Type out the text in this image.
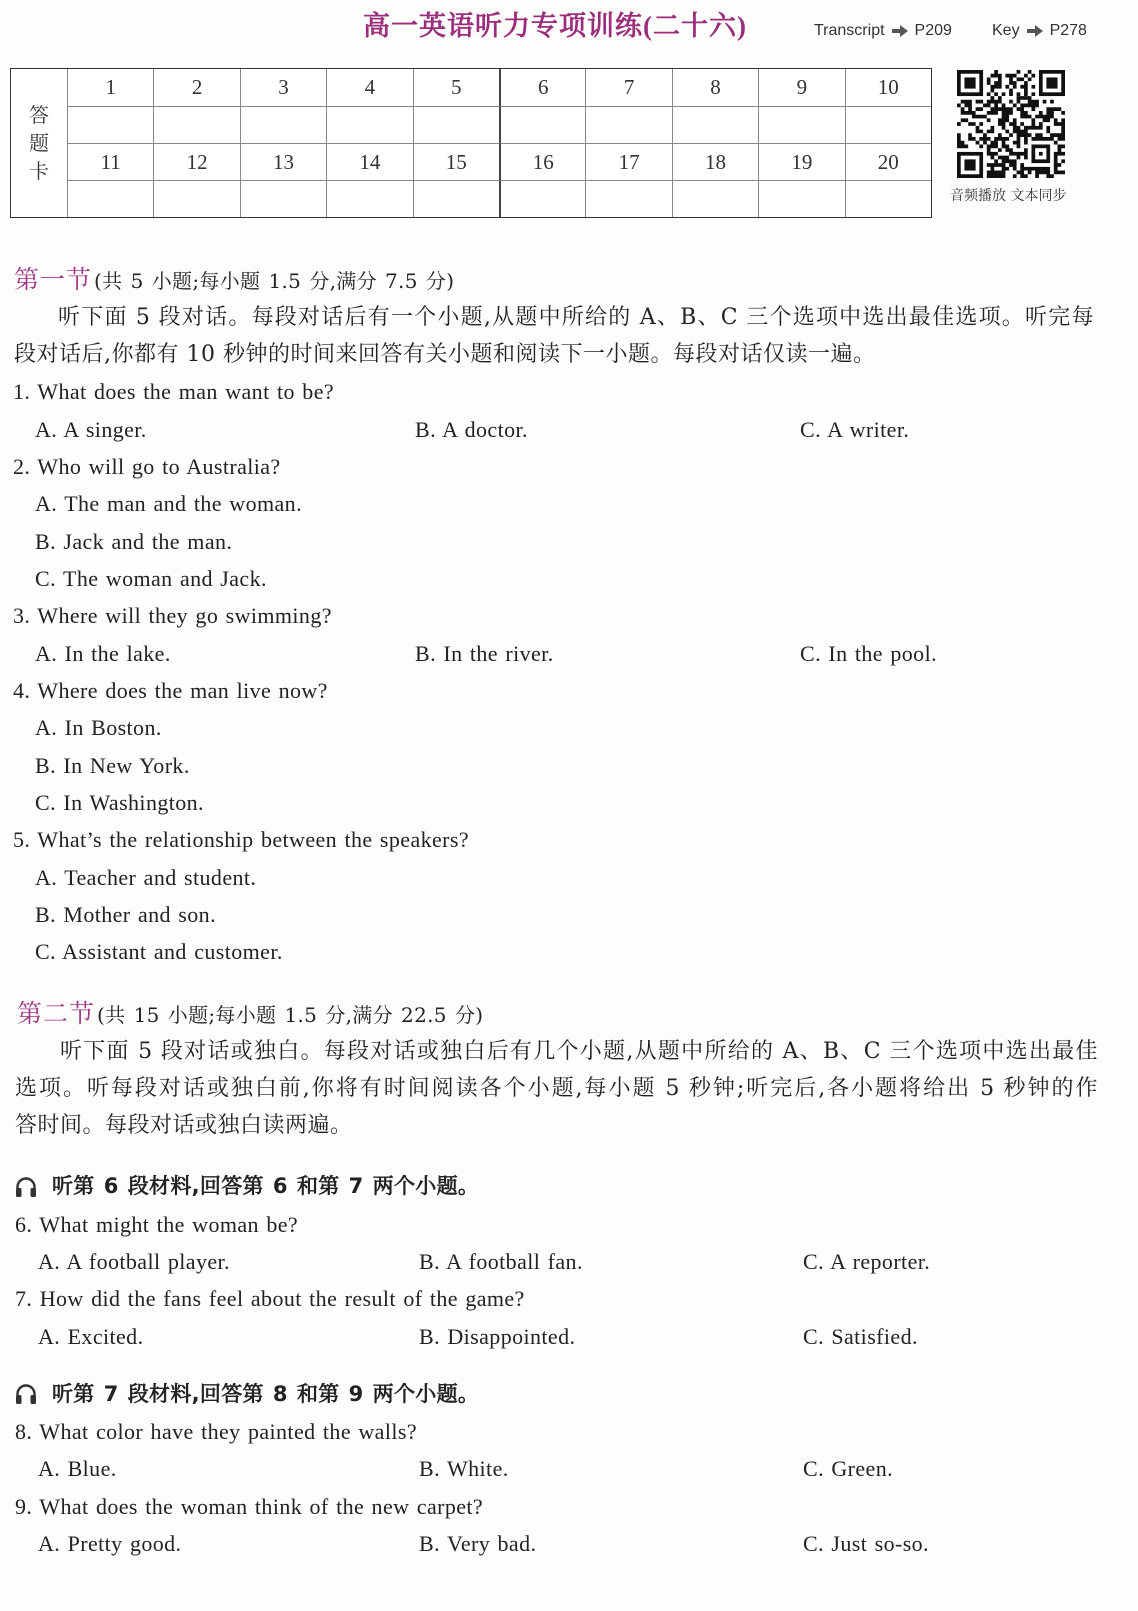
高一英语听力专项训练(二十六)	Transcript P209	Key P278
答
题
卡
1	2	3	4	5	6	7	8	9	10
11	12	13	14	15	16	17	18	19	20
音频播放 文本同步
第一节 (共 5 小题;每小题 1.5 分,满分 7.5 分)
听下面 5 段对话。每段对话后有一个小题,从题中所给的 A、B、C 三个选项中选出最佳选项。听完每
段对话后,你都有 10 秒钟的时间来回答有关小题和阅读下一小题。每段对话仅读一遍。
1. What does the man want to be?
A. A singer.	B. A doctor.	C. A writer.
2. Who will go to Australia?
A. The man and the woman.
B. Jack and the man.
C. The woman and Jack.
3. Where will they go swimming?
A. In the lake.	B. In the river.	C. In the pool.
4. Where does the man live now?
A. In Boston.
B. In New York.
C. In Washington.
5. What’s the relationship between the speakers?
A. Teacher and student.
B. Mother and son.
C. Assistant and customer.
第二节 (共 15 小题;每小题 1.5 分,满分 22.5 分)
听下面 5 段对话或独白。每段对话或独白后有几个小题,从题中所给的 A、B、C 三个选项中选出最佳
选项。听每段对话或独白前,你将有时间阅读各个小题,每小题 5 秒钟;听完后,各小题将给出 5 秒钟的作
答时间。每段对话或独白读两遍。
听第 6 段材料,回答第 6 和第 7 两个小题。
6. What might the woman be?
A. A football player.	B. A football fan.	C. A reporter.
7. How did the fans feel about the result of the game?
A. Excited.	B. Disappointed.	C. Satisfied.
听第 7 段材料,回答第 8 和第 9 两个小题。
8. What color have they painted the walls?
A. Blue.	B. White.	C. Green.
9. What does the woman think of the new carpet?
A. Pretty good.	B. Very bad.	C. Just so-so.
